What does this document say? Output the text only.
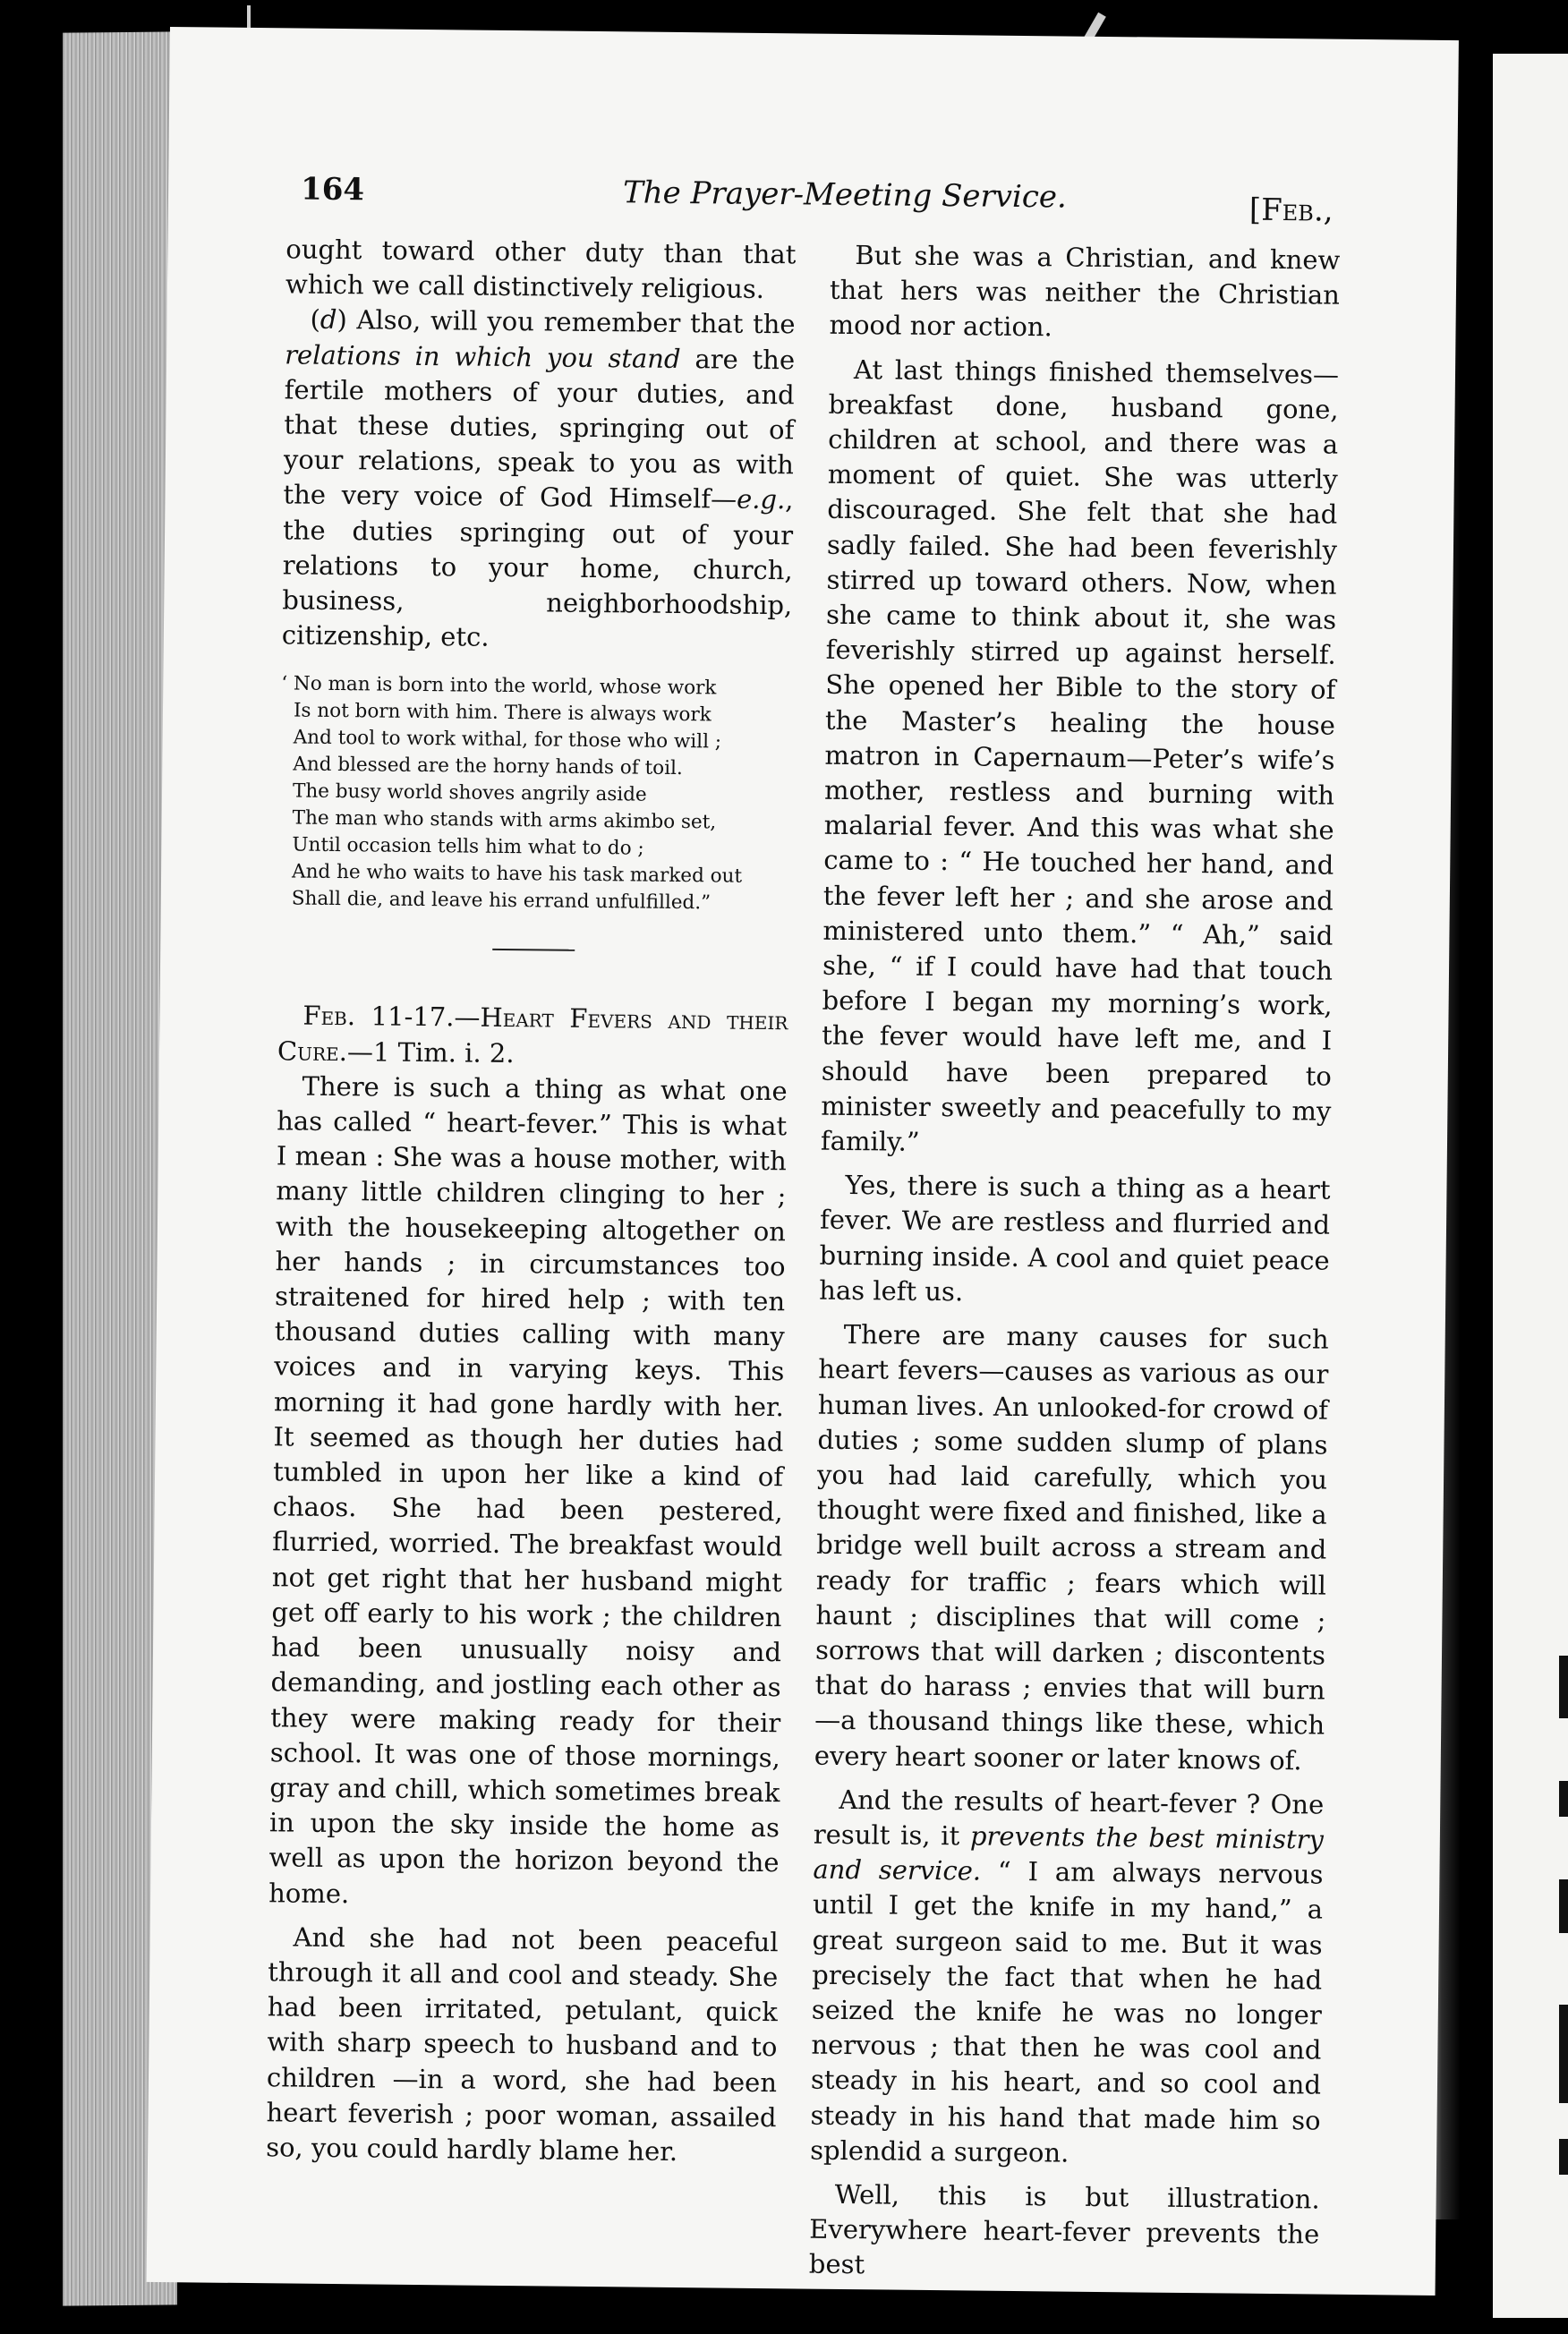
164	The Prayer-Meeting Service.	[Feb.,

ought toward other duty than that which we call distinctively religious.

(d) Also, will you remember that the relations in which you stand are the fertile mothers of your duties, and that these duties, springing out of your relations, speak to you as with the very voice of God Himself—e.g., the duties springing out of your relations to your home, church, business, neighborhoodship, citizenship, etc.

‘ No man is born into the world, whose work
Is not born with him. There is always work
And tool to work withal, for those who will ;
And blessed are the horny hands of toil.
The busy world shoves angrily aside
The man who stands with arms akimbo set,
Until occasion tells him what to do ;
And he who waits to have his task marked out
Shall die, and leave his errand unfulfilled.”

Feb. 11-17.—Heart Fevers and their Cure.—1 Tim. i. 2.

There is such a thing as what one has called “ heart-fever.” This is what I mean : She was a house mother, with many little children clinging to her ; with the housekeeping altogether on her hands ; in circumstances too straitened for hired help ; with ten thousand duties calling with many voices and in varying keys. This morning it had gone hardly with her. It seemed as though her duties had tumbled in upon her like a kind of chaos. She had been pestered, flurried, worried. The breakfast would not get right that her husband might get off early to his work ; the children had been unusually noisy and demanding, and jostling each other as they were making ready for their school. It was one of those mornings, gray and chill, which sometimes break in upon the sky inside the home as well as upon the horizon beyond the home.

And she had not been peaceful through it all and cool and steady. She had been irritated, petulant, quick with sharp speech to husband and to children —in a word, she had been heart feverish ; poor woman, assailed so, you could hardly blame her.

But she was a Christian, and knew that hers was neither the Christian mood nor action.

At last things finished themselves—breakfast done, husband gone, children at school, and there was a moment of quiet. She was utterly discouraged. She felt that she had sadly failed. She had been feverishly stirred up toward others. Now, when she came to think about it, she was feverishly stirred up against herself. She opened her Bible to the story of the Master’s healing the house matron in Capernaum—Peter’s wife’s mother, restless and burning with malarial fever. And this was what she came to : “ He touched her hand, and the fever left her ; and she arose and ministered unto them.” “ Ah,” said she, “ if I could have had that touch before I began my morning’s work, the fever would have left me, and I should have been prepared to minister sweetly and peacefully to my family.”

Yes, there is such a thing as a heart fever. We are restless and flurried and burning inside. A cool and quiet peace has left us.

There are many causes for such heart fevers—causes as various as our human lives. An unlooked-for crowd of duties ; some sudden slump of plans you had laid carefully, which you thought were fixed and finished, like a bridge well built across a stream and ready for traffic ; fears which will haunt ; disciplines that will come ; sorrows that will darken ; discontents that do harass ; envies that will burn—a thousand things like these, which every heart sooner or later knows of.

And the results of heart-fever ? One result is, it prevents the best ministry and service. “ I am always nervous until I get the knife in my hand,” a great surgeon said to me. But it was precisely the fact that when he had seized the knife he was no longer nervous ; that then he was cool and steady in his heart, and so cool and steady in his hand that made him so splendid a surgeon.

Well, this is but illustration. Everywhere heart-fever prevents the best
